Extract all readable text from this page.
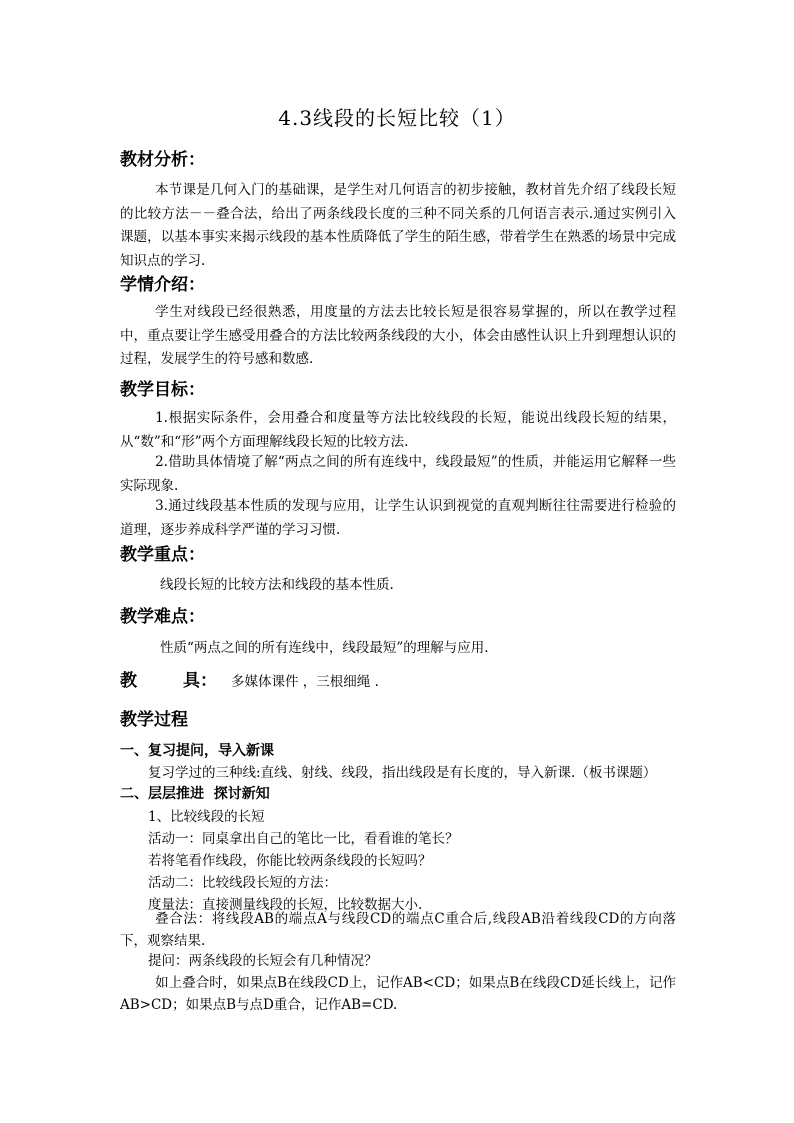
4.3线段的长短比较（1）
教材分析：

本节课是几何入门的基础课，是学生对几何语言的初步接触，教材首先介绍了线段长短的比较方法－－叠合法，给出了两条线段长度的三种不同关系的几何语言表示.通过实例引入课题，以基本事实来揭示线段的基本性质降低了学生的陌生感，带着学生在熟悉的场景中完成知识点的学习.

学情介绍：

学生对线段已经很熟悉，用度量的方法去比较长短是很容易掌握的，所以在教学过程中，重点要让学生感受用叠合的方法比较两条线段的大小，体会由感性认识上升到理想认识的过程，发展学生的符号感和数感.

教学目标：

1.根据实际条件，会用叠合和度量等方法比较线段的长短，能说出线段长短的结果，从“数”和“形”两个方面理解线段长短的比较方法.

2.借助具体情境了解“两点之间的所有连线中，线段最短”的性质，并能运用它解释一些实际现象.

3.通过线段基本性质的发现与应用，让学生认识到视觉的直观判断往往需要进行检验的道理，逐步养成科学严谨的学习习惯.

教学重点：
线段长短的比较方法和线段的基本性质.
教学难点：
性质“两点之间的所有连线中，线段最短”的理解与应用.
教	具： 多媒体课件 ，三根细绳 .
教学过程
一、复习提问，导入新课
复习学过的三种线:直线、射线、线段，指出线段是有长度的，导入新课.（板书课题）
二、层层推进  探讨新知
1、比较线段的长短
活动一：同桌拿出自己的笔比一比，看看谁的笔长？
若将笔看作线段，你能比较两条线段的长短吗？
活动二：比较线段长短的方法：
度量法：直接测量线段的长短，比较数据大小.

叠合法：将线段AB的端点A与线段CD的端点C重合后,线段AB沿着线段CD的方向落下，观察结果.

提问：两条线段的长短会有几种情况？

如上叠合时，如果点B在线段CD上，记作AB<CD；如果点B在线段CD延长线上，记作AB>CD；如果点B与点D重合，记作AB=CD.
